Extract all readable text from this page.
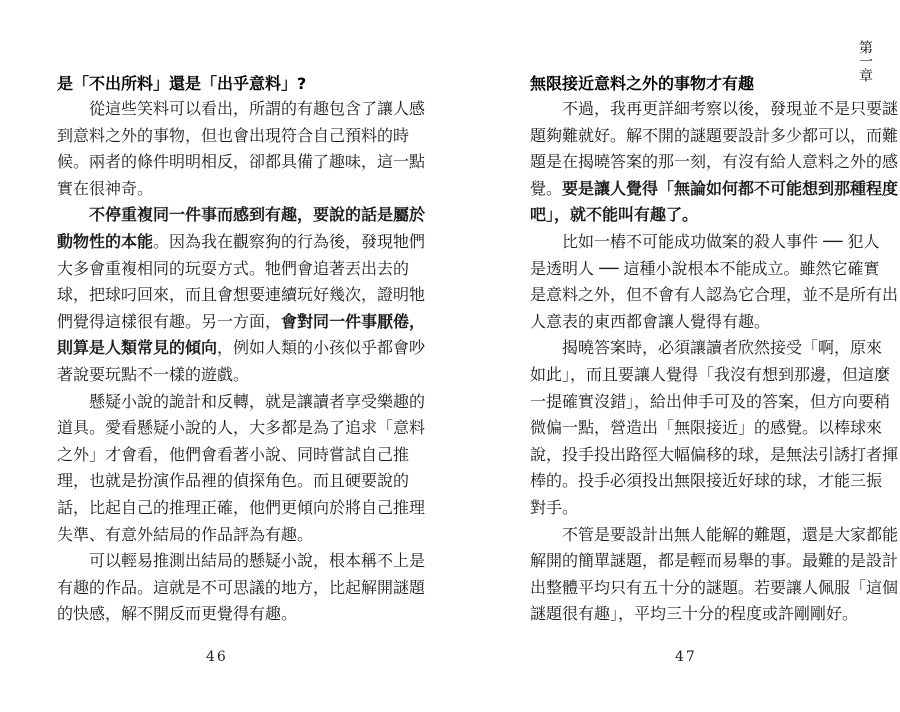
是「不出所料」還是「出乎意料」?
　　從這些笑料可以看出，所謂的有趣包含了讓人感
到意料之外的事物，但也會出現符合自己預料的時
候。兩者的條件明明相反，卻都具備了趣味，這一點
實在很神奇。
　　不停重複同一件事而感到有趣，要說的話是屬於
動物性的本能。因為我在觀察狗的行為後，發現牠們
大多會重複相同的玩耍方式。牠們會追著丟出去的
球，把球叼回來，而且會想要連續玩好幾次，證明牠
們覺得這樣很有趣。另一方面，會對同一件事厭倦，
則算是人類常見的傾向，例如人類的小孩似乎都會吵
著說要玩點不一樣的遊戲。
　　懸疑小說的詭計和反轉，就是讓讀者享受樂趣的
道具。愛看懸疑小說的人，大多都是為了追求「意料
之外」才會看，他們會看著小說、同時嘗試自己推
理，也就是扮演作品裡的偵探角色。而且硬要說的
話，比起自己的推理正確，他們更傾向於將自己推理
失準、有意外結局的作品評為有趣。
　　可以輕易推測出結局的懸疑小說，根本稱不上是
有趣的作品。這就是不可思議的地方，比起解開謎題
的快感，解不開反而更覺得有趣。
46
無限接近意料之外的事物才有趣
　　不過，我再更詳細考察以後，發現並不是只要謎
題夠難就好。解不開的謎題要設計多少都可以，而難
題是在揭曉答案的那一刻，有沒有給人意料之外的感
覺。要是讓人覺得「無論如何都不可能想到那種程度
吧」，就不能叫有趣了。
　　比如一樁不可能成功做案的殺人事件 ── 犯人
是透明人 ── 這種小說根本不能成立。雖然它確實
是意料之外，但不會有人認為它合理，並不是所有出
人意表的東西都會讓人覺得有趣。
　　揭曉答案時，必須讓讀者欣然接受「啊，原來
如此」，而且要讓人覺得「我沒有想到那邊，但這麼
一提確實沒錯」，給出伸手可及的答案，但方向要稍
微偏一點，營造出「無限接近」的感覺。以棒球來
說，投手投出路徑大幅偏移的球，是無法引誘打者揮
棒的。投手必須投出無限接近好球的球，才能三振
對手。
　　不管是要設計出無人能解的難題，還是大家都能
解開的簡單謎題，都是輕而易舉的事。最難的是設計
出整體平均只有五十分的謎題。若要讓人佩服「這個
謎題很有趣」，平均三十分的程度或許剛剛好。
47
第一章
